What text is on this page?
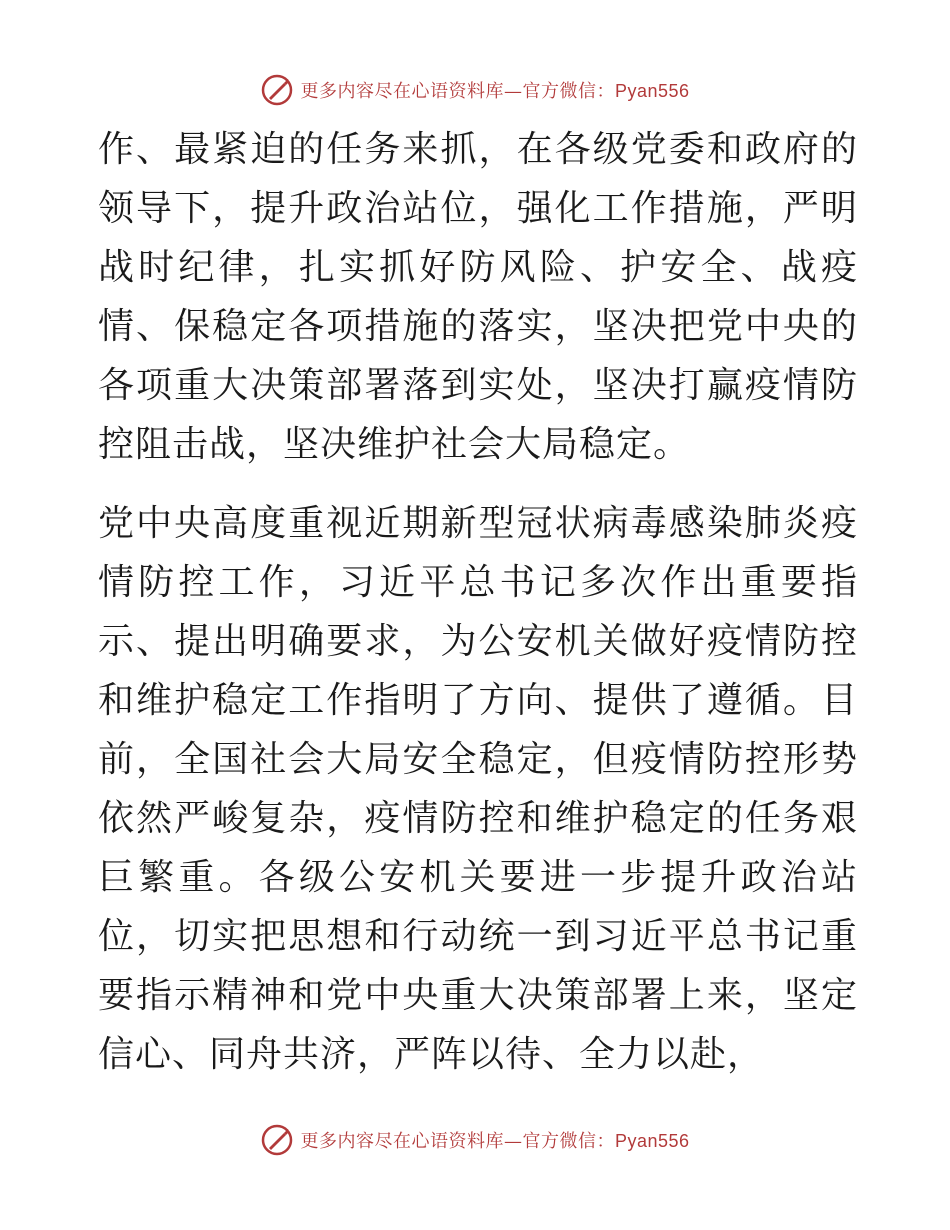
更多内容尽在心语资料库—官方微信：Pyan556

作、最紧迫的任务来抓，在各级党委和政府的领导下，提升政治站位，强化工作措施，严明战时纪律，扎实抓好防风险、护安全、战疫情、保稳定各项措施的落实，坚决把党中央的各项重大决策部署落到实处，坚决打赢疫情防控阻击战，坚决维护社会大局稳定。

党中央高度重视近期新型冠状病毒感染肺炎疫情防控工作，习近平总书记多次作出重要指示、提出明确要求，为公安机关做好疫情防控和维护稳定工作指明了方向、提供了遵循。目前，全国社会大局安全稳定，但疫情防控形势依然严峻复杂，疫情防控和维护稳定的任务艰巨繁重。各级公安机关要进一步提升政治站位，切实把思想和行动统一到习近平总书记重要指示精神和党中央重大决策部署上来，坚定信心、同舟共济，严阵以待、全力以赴，

更多内容尽在心语资料库—官方微信：Pyan556
